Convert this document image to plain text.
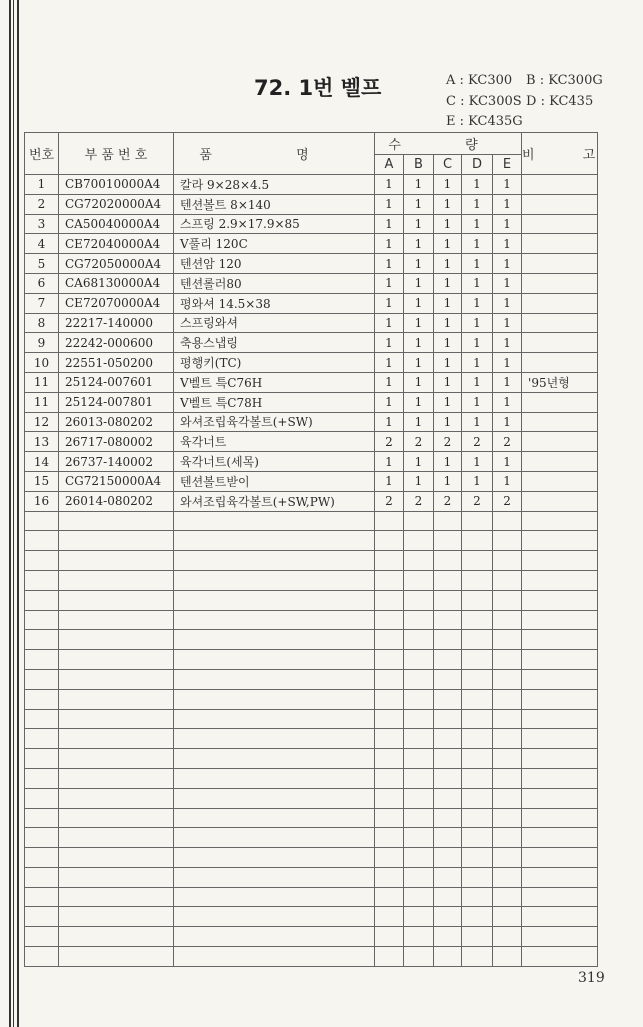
72. 1번 벨프	A : KC300 B : KC300G
C : KC300S D : KC435
E : KC435G
번호	부 품 번 호	품 명	수 량					비 고
			A	B	C	D	E	
1	CB70010000A4	칼라 9×28×4.5	1	1	1	1	1	
2	CG72020000A4	텐션볼트 8×140	1	1	1	1	1	
3	CA50040000A4	스프링 2.9×17.9×85	1	1	1	1	1	
4	CE72040000A4	V풀리 120C	1	1	1	1	1	
5	CG72050000A4	텐션암 120	1	1	1	1	1	
6	CA68130000A4	텐션롤러80	1	1	1	1	1	
7	CE72070000A4	평와셔 14.5×38	1	1	1	1	1	
8	22217-140000	스프링와셔	1	1	1	1	1	
9	22242-000600	축용스냅링	1	1	1	1	1	
10	22551-050200	평행키(TC)	1	1	1	1	1	
11	25124-007601	V벨트 특C76H	1	1	1	1	1	'95년형
11	25124-007801	V벨트 특C78H	1	1	1	1	1	
12	26013-080202	와셔조립육각볼트(+SW)	1	1	1	1	1	
13	26717-080002	육각너트	2	2	2	2	2	
14	26737-140002	육각너트(세목)	1	1	1	1	1	
15	CG72150000A4	텐션볼트받이	1	1	1	1	1	
16	26014-080202	와셔조립육각볼트(+SW,PW)	2	2	2	2	2	

319
